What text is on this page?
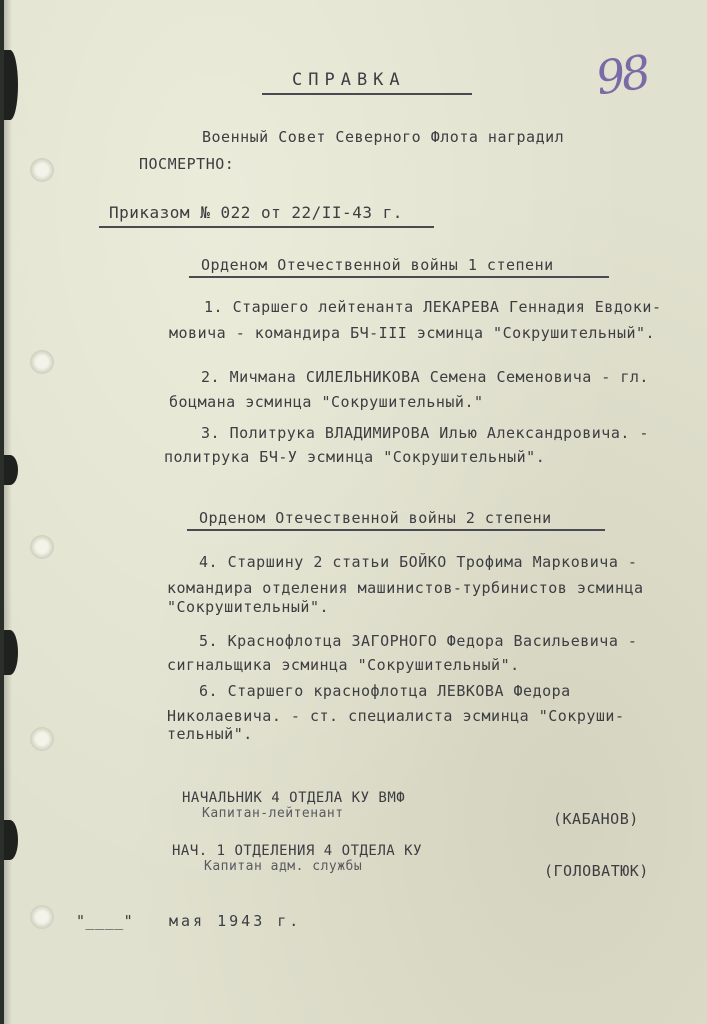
98

СПРАВКА

Военный Совет Северного Флота наградил

ПОСМЕРТНО:

Приказом № 022 от 22/II-43 г.

Орденом Отечественной войны 1 степени

1. Старшего лейтенанта ЛЕКАРЕВА Геннадия Евдоки-

мовича - командира БЧ-III эсминца "Сокрушительный".

2. Мичмана СИЛЕЛЬНИКОВА Семена Семеновича - гл.

боцмана эсминца "Сокрушительный."

3. Политрука ВЛАДИМИРОВА Илью Александровича. -

политрука БЧ-У эсминца "Сокрушительный".

Орденом Отечественной войны 2 степени

4. Старшину 2 статьи БОЙКО Трофима Марковича -

командира отделения машинистов-турбинистов эсминца

"Сокрушительный".

5. Краснофлотца ЗАГОРНОГО Федора Васильевича -

сигнальщика эсминца "Сокрушительный".

6. Старшего краснофлотца ЛЕВКОВА Федора

Николаевича. - ст. специалиста эсминца "Сокруши-

тельный".

НАЧАЛЬНИК 4 ОТДЕЛА КУ ВМФ

Капитан-лейтенант	(КАБАНОВ)

НАЧ. 1 ОТДЕЛЕНИЯ 4 ОТДЕЛА КУ

Капитан адм. службы	(ГОЛОВАТЮК)

"____" мая 1943 г.
